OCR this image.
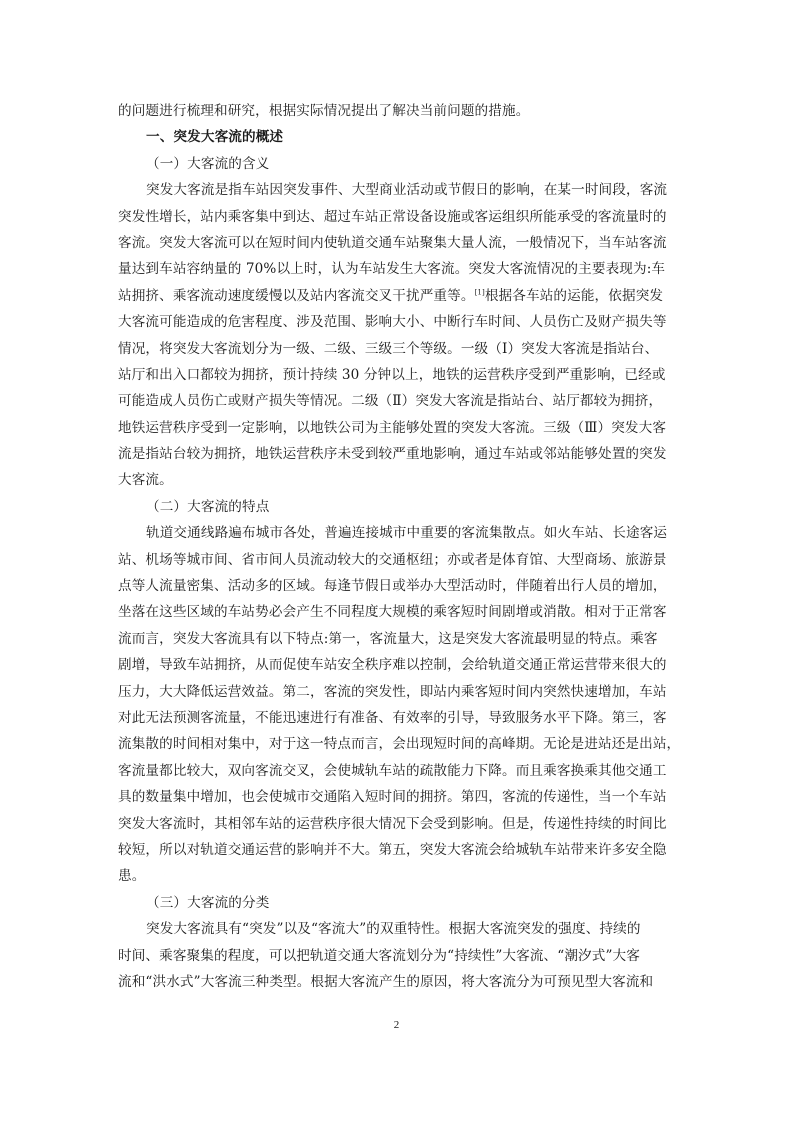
的问题进行梳理和研究，根据实际情况提出了解决当前问题的措施。
一、突发大客流的概述
（一）大客流的含义
突发大客流是指车站因突发事件、大型商业活动或节假日的影响，在某一时间段，客流
突发性增长，站内乘客集中到达、超过车站正常设备设施或客运组织所能承受的客流量时的
客流。突发大客流可以在短时间内使轨道交通车站聚集大量人流，一般情况下，当车站客流
量达到车站容纳量的 70%以上时，认为车站发生大客流。突发大客流情况的主要表现为:车
站拥挤、乘客流动速度缓慢以及站内客流交叉干扰严重等。[1]根据各车站的运能，依据突发
大客流可能造成的危害程度、涉及范围、影响大小、中断行车时间、人员伤亡及财产损失等
情况，将突发大客流划分为一级、二级、三级三个等级。一级（Ⅰ）突发大客流是指站台、
站厅和出入口都较为拥挤，预计持续 30 分钟以上，地铁的运营秩序受到严重影响，已经或
可能造成人员伤亡或财产损失等情况。二级（Ⅱ）突发大客流是指站台、站厅都较为拥挤，
地铁运营秩序受到一定影响，以地铁公司为主能够处置的突发大客流。三级（Ⅲ）突发大客
流是指站台较为拥挤，地铁运营秩序未受到较严重地影响，通过车站或邻站能够处置的突发
大客流。
（二）大客流的特点
轨道交通线路遍布城市各处，普遍连接城市中重要的客流集散点。如火车站、长途客运
站、机场等城市间、省市间人员流动较大的交通枢纽；亦或者是体育馆、大型商场、旅游景
点等人流量密集、活动多的区域。每逢节假日或举办大型活动时，伴随着出行人员的增加，
坐落在这些区域的车站势必会产生不同程度大规模的乘客短时间剧增或消散。相对于正常客
流而言，突发大客流具有以下特点:第一，客流量大，这是突发大客流最明显的特点。乘客
剧增，导致车站拥挤，从而促使车站安全秩序难以控制，会给轨道交通正常运营带来很大的
压力，大大降低运营效益。第二，客流的突发性，即站内乘客短时间内突然快速增加，车站
对此无法预测客流量，不能迅速进行有准备、有效率的引导，导致服务水平下降。第三，客
流集散的时间相对集中，对于这一特点而言，会出现短时间的高峰期。无论是进站还是出站，
客流量都比较大，双向客流交叉，会使城轨车站的疏散能力下降。而且乘客换乘其他交通工
具的数量集中增加，也会使城市交通陷入短时间的拥挤。第四，客流的传递性，当一个车站
突发大客流时，其相邻车站的运营秩序很大情况下会受到影响。但是，传递性持续的时间比
较短，所以对轨道交通运营的影响并不大。第五，突发大客流会给城轨车站带来许多安全隐
患。
（三）大客流的分类
突发大客流具有“突发”以及“客流大”的双重特性。根据大客流突发的强度、持续的
时间、乘客聚集的程度，可以把轨道交通大客流划分为“持续性”大客流、“潮汐式”大客
流和“洪水式”大客流三种类型。根据大客流产生的原因，将大客流分为可预见型大客流和
2
